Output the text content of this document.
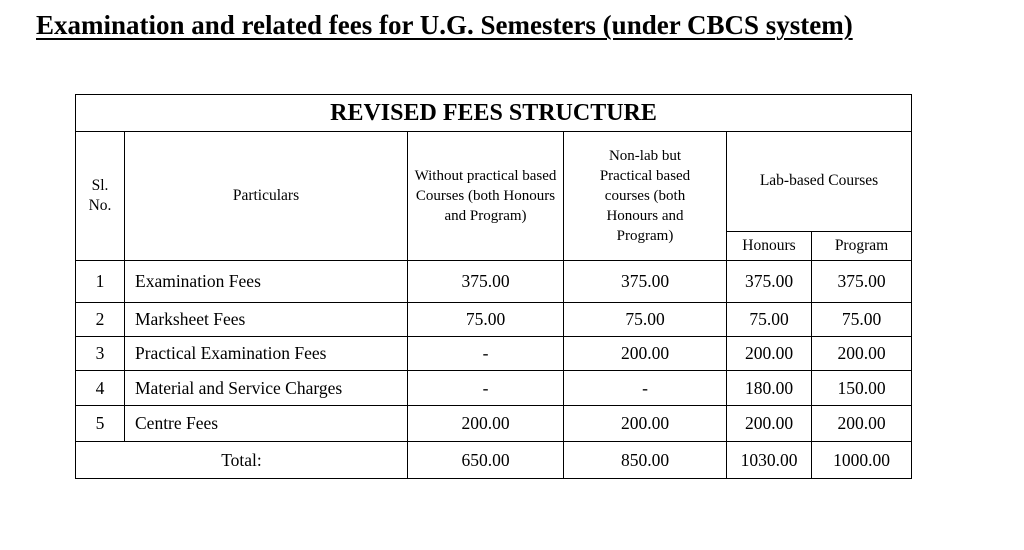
Examination and related fees for U.G. Semesters (under CBCS system)
REVISED FEES STRUCTURE					

Sl. No.	Particulars	Without practical based Courses (both Honours and Program)	Non-lab but Practical based courses (both Honours and Program)	Lab-based Courses	
				Honours	Program
1	Examination Fees	375.00	375.00	375.00	375.00
2	Marksheet Fees	75.00	75.00	75.00	75.00
3	Practical Examination Fees	-	200.00	200.00	200.00
4	Material and Service Charges	-	-	180.00	150.00
5	Centre Fees	200.00	200.00	200.00	200.00
Total:		650.00	850.00	1030.00	1000.00
